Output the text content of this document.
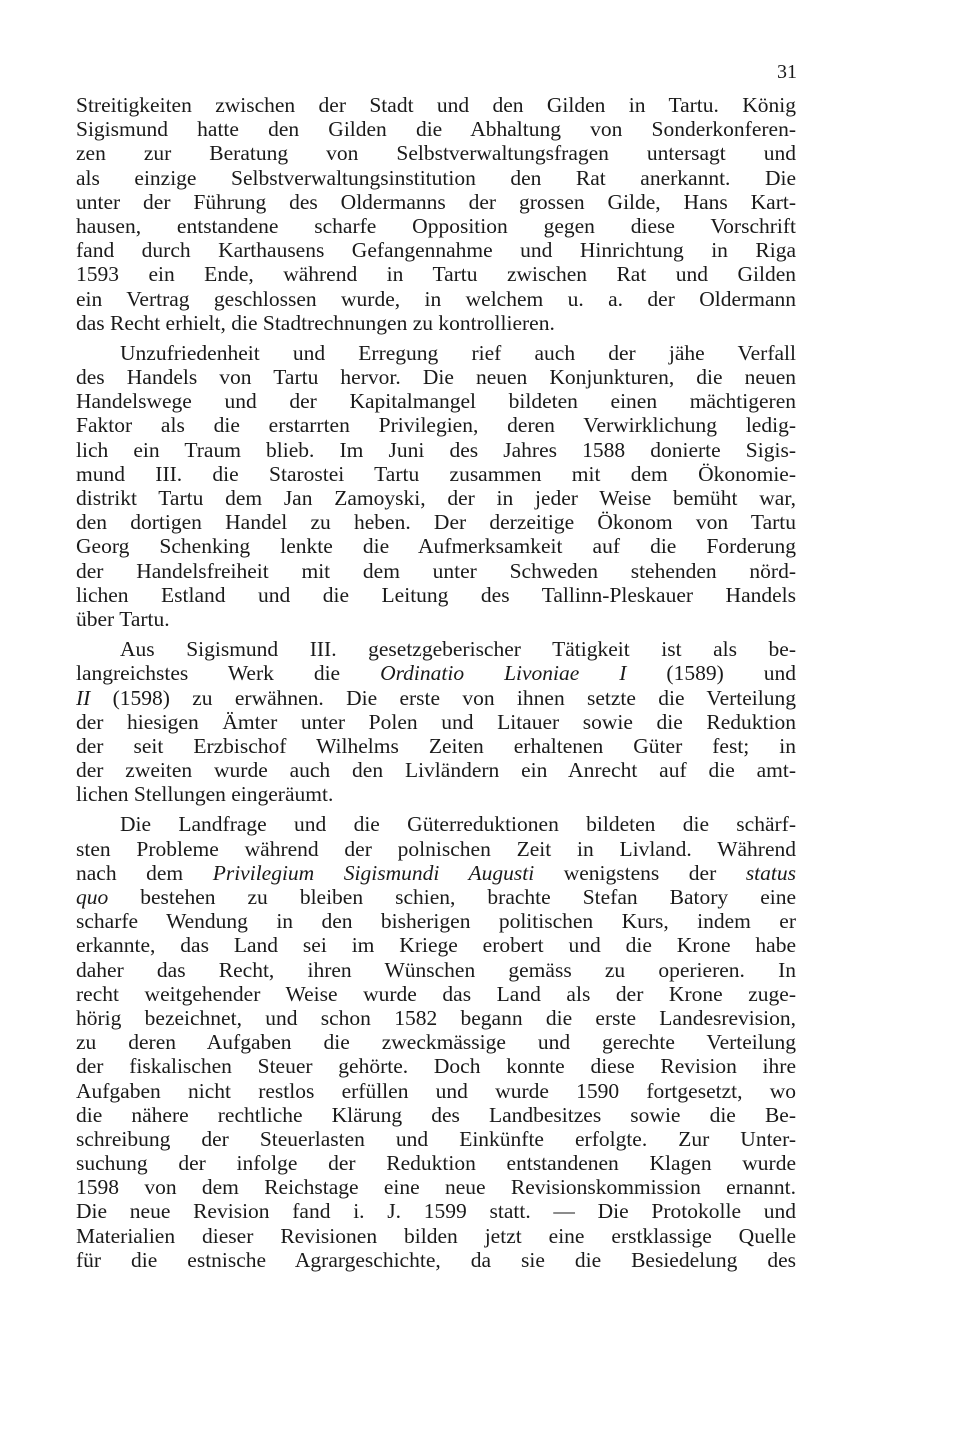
31
Streitigkeiten zwischen der Stadt und den Gilden in Tartu. König
Sigismund hatte den Gilden die Abhaltung von Sonderkonferen-
zen zur Beratung von Selbstverwaltungsfragen untersagt und
als einzige Selbstverwaltungsinstitution den Rat anerkannt. Die
unter der Führung des Oldermanns der grossen Gilde, Hans Kart-
hausen, entstandene scharfe Opposition gegen diese Vorschrift
fand durch Karthausens Gefangennahme und Hinrichtung in Riga
1593 ein Ende, während in Tartu zwischen Rat und Gilden
ein Vertrag geschlossen wurde, in welchem u. a. der Oldermann
das Recht erhielt, die Stadtrechnungen zu kontrollieren.
Unzufriedenheit und Erregung rief auch der jähe Verfall
des Handels von Tartu hervor. Die neuen Konjunkturen, die neuen
Handelswege und der Kapitalmangel bildeten einen mächtigeren
Faktor als die erstarrten Privilegien, deren Verwirklichung ledig-
lich ein Traum blieb. Im Juni des Jahres 1588 donierte Sigis-
mund III. die Starostei Tartu zusammen mit dem Ökonomie-
distrikt Tartu dem Jan Zamoyski, der in jeder Weise bemüht war,
den dortigen Handel zu heben. Der derzeitige Ökonom von Tartu
Georg Schenking lenkte die Aufmerksamkeit auf die Forderung
der Handelsfreiheit mit dem unter Schweden stehenden nörd-
lichen Estland und die Leitung des Tallinn-Pleskauer Handels
über Tartu.
Aus Sigismund III. gesetzgeberischer Tätigkeit ist als be-
langreichstes Werk die Ordinatio Livoniae I (1589) und
II (1598) zu erwähnen. Die erste von ihnen setzte die Verteilung
der hiesigen Ämter unter Polen und Litauer sowie die Reduktion
der seit Erzbischof Wilhelms Zeiten erhaltenen Güter fest; in
der zweiten wurde auch den Livländern ein Anrecht auf die amt-
lichen Stellungen eingeräumt.
Die Landfrage und die Güterreduktionen bildeten die schärf-
sten Probleme während der polnischen Zeit in Livland. Während
nach dem Privilegium Sigismundi Augusti wenigstens der status
quo bestehen zu bleiben schien, brachte Stefan Batory eine
scharfe Wendung in den bisherigen politischen Kurs, indem er
erkannte, das Land sei im Kriege erobert und die Krone habe
daher das Recht, ihren Wünschen gemäss zu operieren. In
recht weitgehender Weise wurde das Land als der Krone zuge-
hörig bezeichnet, und schon 1582 begann die erste Landesrevision,
zu deren Aufgaben die zweckmässige und gerechte Verteilung
der fiskalischen Steuer gehörte. Doch konnte diese Revision ihre
Aufgaben nicht restlos erfüllen und wurde 1590 fortgesetzt, wo
die nähere rechtliche Klärung des Landbesitzes sowie die Be-
schreibung der Steuerlasten und Einkünfte erfolgte. Zur Unter-
suchung der infolge der Reduktion entstandenen Klagen wurde
1598 von dem Reichstage eine neue Revisionskommission ernannt.
Die neue Revision fand i. J. 1599 statt. — Die Protokolle und
Materialien dieser Revisionen bilden jetzt eine erstklassige Quelle
für die estnische Agrargeschichte, da sie die Besiedelung des
